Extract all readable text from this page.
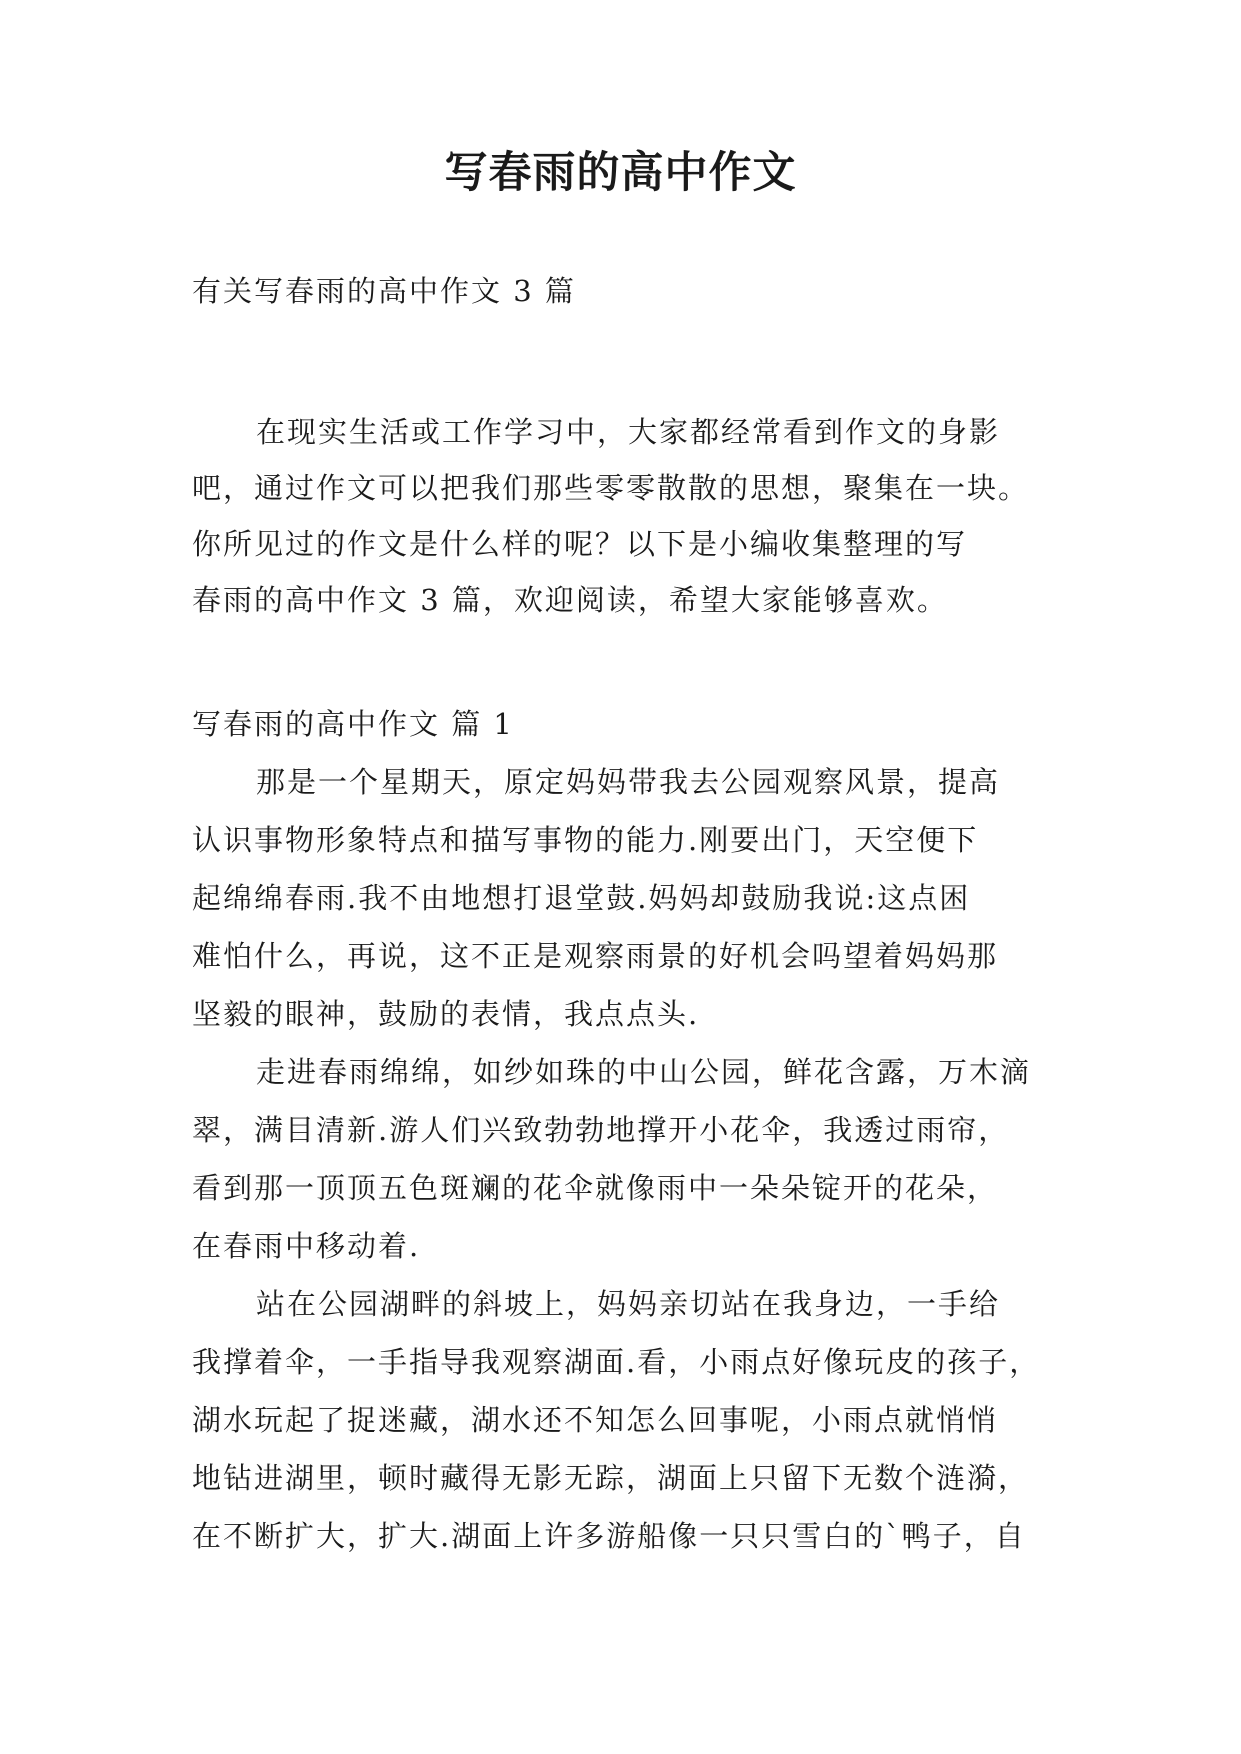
写春雨的高中作文
有关写春雨的高中作文 3 篇
在现实生活或工作学习中，大家都经常看到作文的身影
吧，通过作文可以把我们那些零零散散的思想，聚集在一块。
你所见过的作文是什么样的呢？以下是小编收集整理的写
春雨的高中作文 3 篇，欢迎阅读，希望大家能够喜欢。
写春雨的高中作文 篇 1
那是一个星期天，原定妈妈带我去公园观察风景，提高
认识事物形象特点和描写事物的能力.刚要出门，天空便下
起绵绵春雨.我不由地想打退堂鼓.妈妈却鼓励我说:这点困
难怕什么，再说，这不正是观察雨景的好机会吗望着妈妈那
坚毅的眼神，鼓励的表情，我点点头.
走进春雨绵绵，如纱如珠的中山公园，鲜花含露，万木滴
翠，满目清新.游人们兴致勃勃地撑开小花伞，我透过雨帘，
看到那一顶顶五色斑斓的花伞就像雨中一朵朵锭开的花朵，
在春雨中移动着.
站在公园湖畔的斜坡上，妈妈亲切站在我身边，一手给
我撑着伞，一手指导我观察湖面.看，小雨点好像玩皮的孩子，
湖水玩起了捉迷藏，湖水还不知怎么回事呢，小雨点就悄悄
地钻进湖里，顿时藏得无影无踪，湖面上只留下无数个涟漪，
在不断扩大，扩大.湖面上许多游船像一只只雪白的`鸭子，自
